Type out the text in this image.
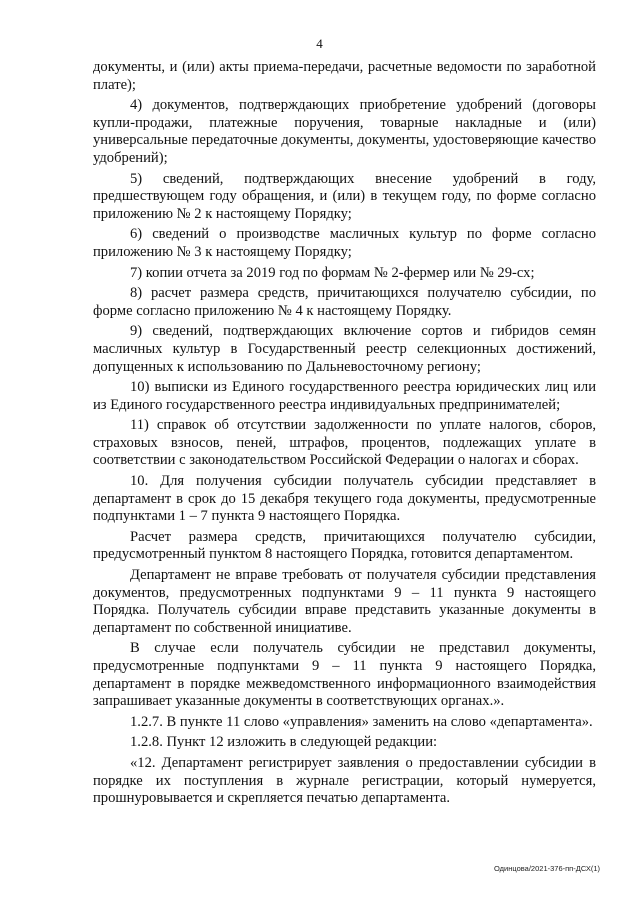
4

документы, и (или) акты приема-передачи, расчетные ведомости по заработной плате);

4) документов, подтверждающих приобретение удобрений (договоры купли-продажи, платежные поручения, товарные накладные и (или) универсальные передаточные документы, документы, удостоверяющие качество удобрений);

5) сведений, подтверждающих внесение удобрений в году, предшествующем году обращения, и (или) в текущем году, по форме согласно приложению № 2 к настоящему Порядку;

6) сведений о производстве масличных культур по форме согласно приложению № 3 к настоящему Порядку;

7) копии отчета за 2019 год по формам № 2-фермер или № 29-сх;

8) расчет размера средств, причитающихся получателю субсидии, по форме согласно приложению № 4 к настоящему Порядку.

9) сведений, подтверждающих включение сортов и гибридов семян масличных культур в Государственный реестр селекционных достижений, допущенных к использованию по Дальневосточному региону;

10) выписки из Единого государственного реестра юридических лиц или из Единого государственного реестра индивидуальных предпринимателей;

11) справок об отсутствии задолженности по уплате налогов, сборов, страховых взносов, пеней, штрафов, процентов, подлежащих уплате в соответствии с законодательством Российской Федерации о налогах и сборах.

10. Для получения субсидии получатель субсидии представляет в департамент в срок до 15 декабря текущего года документы, предусмотренные подпунктами 1 – 7 пункта 9 настоящего Порядка.

Расчет размера средств, причитающихся получателю субсидии, предусмотренный пунктом 8 настоящего Порядка, готовится департаментом.

Департамент не вправе требовать от получателя субсидии представления документов, предусмотренных подпунктами 9 – 11 пункта 9 настоящего Порядка. Получатель субсидии вправе представить указанные документы в департамент по собственной инициативе.

В случае если получатель субсидии не представил документы, предусмотренные подпунктами 9 – 11 пункта 9 настоящего Порядка, департамент в порядке межведомственного информационного взаимодействия запрашивает указанные документы в соответствующих органах.».

1.2.7. В пункте 11 слово «управления» заменить на слово «департамента».

1.2.8. Пункт 12 изложить в следующей редакции:

«12. Департамент регистрирует заявления о предоставлении субсидии в порядке их поступления в журнале регистрации, который нумеруется, прошнуровывается и скрепляется печатью департамента.

Одинцова/2021-376-пп-ДСХ(1)
